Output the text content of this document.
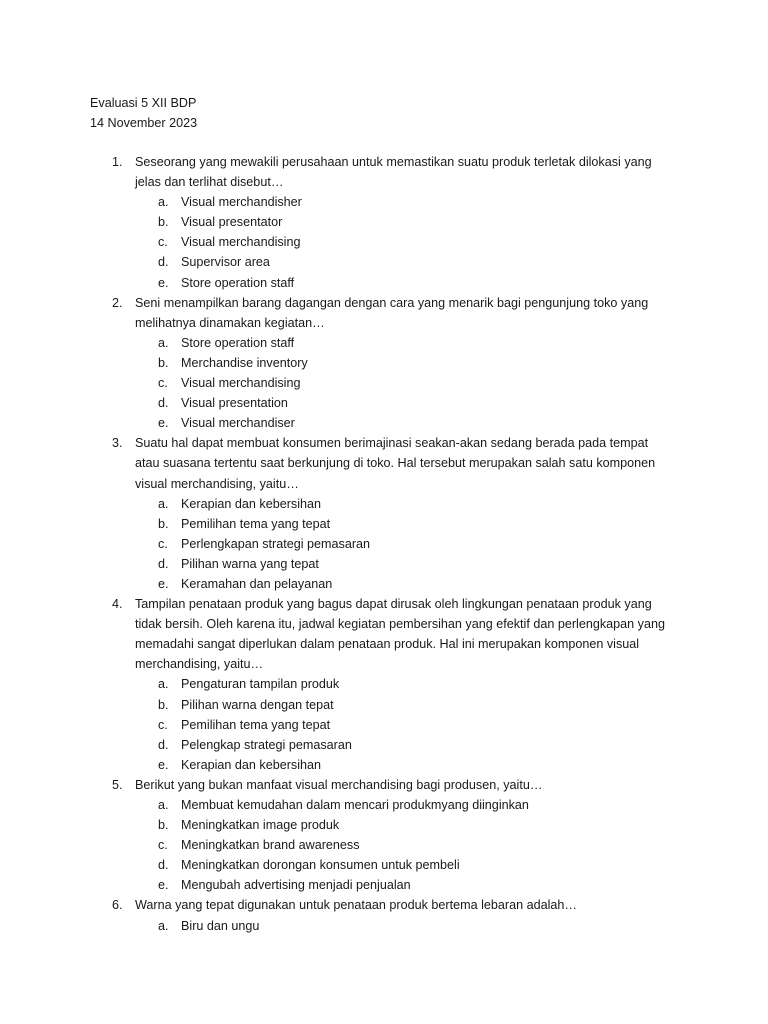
Evaluasi 5 XII BDP
14 November 2023
1. Seseorang yang mewakili perusahaan untuk memastikan suatu produk terletak dilokasi yang jelas dan terlihat disebut…
a. Visual merchandisher
b. Visual presentator
c. Visual merchandising
d. Supervisor area
e. Store operation staff
2. Seni menampilkan barang dagangan dengan cara yang menarik bagi pengunjung toko yang melihatnya dinamakan kegiatan…
a. Store operation staff
b. Merchandise inventory
c. Visual merchandising
d. Visual presentation
e. Visual merchandiser
3. Suatu hal dapat membuat konsumen berimajinasi seakan-akan sedang berada pada tempat atau suasana tertentu saat berkunjung di toko. Hal tersebut merupakan salah satu komponen visual merchandising, yaitu…
a. Kerapian dan kebersihan
b. Pemilihan tema yang tepat
c. Perlengkapan strategi pemasaran
d. Pilihan warna yang tepat
e. Keramahan dan pelayanan
4. Tampilan penataan produk yang bagus dapat dirusak oleh lingkungan penataan produk yang tidak bersih. Oleh karena itu, jadwal kegiatan pembersihan yang efektif dan perlengkapan yang memadahi sangat diperlukan dalam penataan produk. Hal ini merupakan komponen visual merchandising, yaitu…
a. Pengaturan tampilan produk
b. Pilihan warna dengan tepat
c. Pemilihan tema yang tepat
d. Pelengkap strategi pemasaran
e. Kerapian dan kebersihan
5. Berikut yang bukan manfaat visual merchandising bagi produsen, yaitu…
a. Membuat kemudahan dalam mencari produkmyang diinginkan
b. Meningkatkan image produk
c. Meningkatkan brand awareness
d. Meningkatkan dorongan konsumen untuk pembeli
e. Mengubah advertising menjadi penjualan
6. Warna yang tepat digunakan untuk penataan produk bertema lebaran adalah…
a. Biru dan ungu
